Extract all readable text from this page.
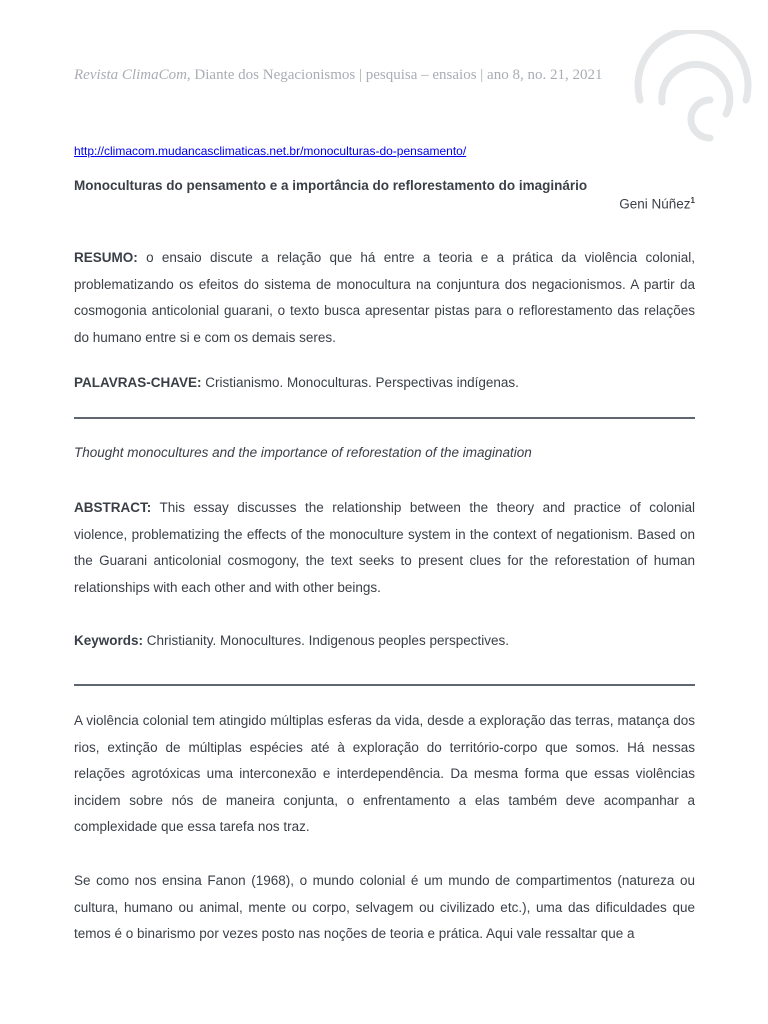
Revista ClimaCom, Diante dos Negacionismos | pesquisa – ensaios | ano 8, no. 21, 2021
http://climacom.mudancasclimaticas.net.br/monoculturas-do-pensamento/
Monoculturas do pensamento e a importância do reflorestamento do imaginário
Geni Núñez$^1$
RESUMO: o ensaio discute a relação que há entre a teoria e a prática da violência colonial, problematizando os efeitos do sistema de monocultura na conjuntura dos negacionismos. A partir da cosmogonia anticolonial guarani, o texto busca apresentar pistas para o reflorestamento das relações do humano entre si e com os demais seres.
PALAVRAS-CHAVE: Cristianismo. Monoculturas. Perspectivas indígenas.
Thought monocultures and the importance of reforestation of the imagination
ABSTRACT: This essay discusses the relationship between the theory and practice of colonial violence, problematizing the effects of the monoculture system in the context of negationism. Based on the Guarani anticolonial cosmogony, the text seeks to present clues for the reforestation of human relationships with each other and with other beings.
Keywords: Christianity. Monocultures. Indigenous peoples perspectives.
A violência colonial tem atingido múltiplas esferas da vida, desde a exploração das terras, matança dos rios, extinção de múltiplas espécies até à exploração do território-corpo que somos. Há nessas relações agrotóxicas uma interconexão e interdependência. Da mesma forma que essas violências incidem sobre nós de maneira conjunta, o enfrentamento a elas também deve acompanhar a complexidade que essa tarefa nos traz.
Se como nos ensina Fanon (1968), o mundo colonial é um mundo de compartimentos (natureza ou cultura, humano ou animal, mente ou corpo, selvagem ou civilizado etc.), uma das dificuldades que temos é o binarismo por vezes posto nas noções de teoria e prática. Aqui vale ressaltar que a
